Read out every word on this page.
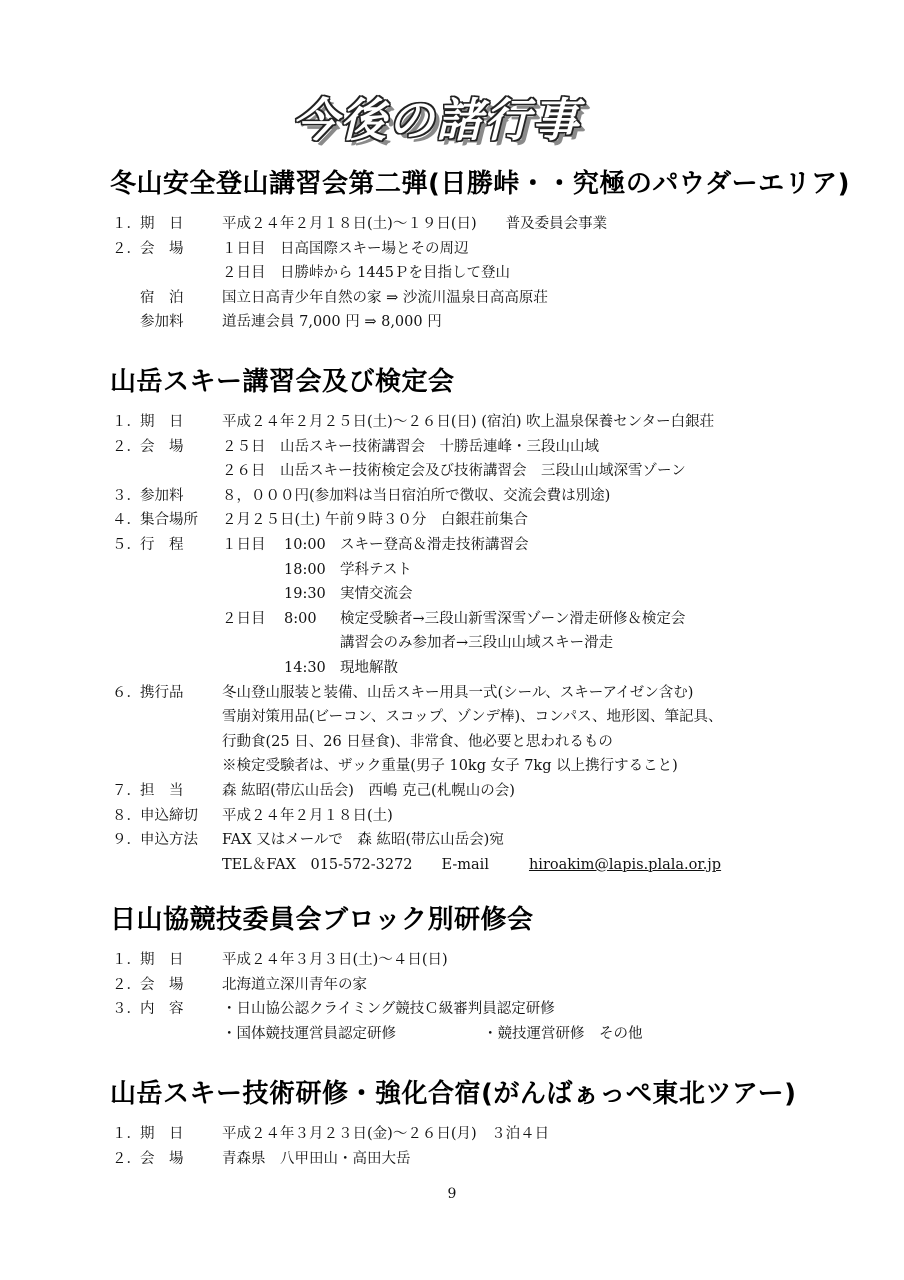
今後の諸行事
冬山安全登山講習会第二弾(日勝峠・・究極のパウダーエリア)
１． 期　日	平成２４年２月１８日(土)～１９日(日)　　普及委員会事業
２． 会　場	１日目　日高国際スキー場とその周辺
２日目　日勝峠から 1445Ｐを目指して登山
宿　泊	国立日高青少年自然の家 ⇒ 沙流川温泉日高高原荘
参加料	道岳連会員 7,000 円 ⇒ 8,000 円
山岳スキー講習会及び検定会
１． 期　日	平成２４年２月２５日(土)～２６日(日) (宿泊) 吹上温泉保養センター白銀荘
２． 会　場	２５日　山岳スキー技術講習会　十勝岳連峰・三段山山域
２６日　山岳スキー技術検定会及び技術講習会　三段山山域深雪ゾーン
３． 参加料	８，０００円(参加料は当日宿泊所で徴収、交流会費は別途)
４． 集合場所 ２月２５日(土) 午前９時３０分　白銀荘前集合
５． 行　程	１日目 10:00 スキー登高＆滑走技術講習会
18:00 学科テスト
19:30 実情交流会
２日目 8:00 検定受験者→三段山新雪深雪ゾーン滑走研修＆検定会
講習会のみ参加者→三段山山域スキー滑走
14:30 現地解散
６． 携行品	冬山登山服装と装備、山岳スキー用具一式(シール、スキーアイゼン含む)
雪崩対策用品(ビーコン、スコップ、ゾンデ棒)、コンパス、地形図、筆記具、
行動食(25 日、26 日昼食)、非常食、他必要と思われるもの
※検定受験者は、ザック重量(男子 10kg 女子 7kg 以上携行すること)
７． 担　当	森 紘昭(帯広山岳会)　西嶋 克己(札幌山の会)
８． 申込締切 平成２４年２月１８日(土)
９． 申込方法 FAX 又はメールで　森 紘昭(帯広山岳会)宛
TEL＆FAX　015-572-3272　　E-mail	hiroakim@lapis.plala.or.jp
日山協競技委員会ブロック別研修会
１． 期　日	平成２４年３月３日(土)～４日(日)
２． 会　場	北海道立深川青年の家
３． 内　容	・日山協公認クライミング競技Ｃ級審判員認定研修
・国体競技運営員認定研修　　　　　　・競技運営研修　その他
山岳スキー技術研修・強化合宿(がんばぁっぺ東北ツアー)
１． 期　日	平成２４年３月２３日(金)～２６日(月)　３泊４日
２． 会　場	青森県　八甲田山・高田大岳
9
